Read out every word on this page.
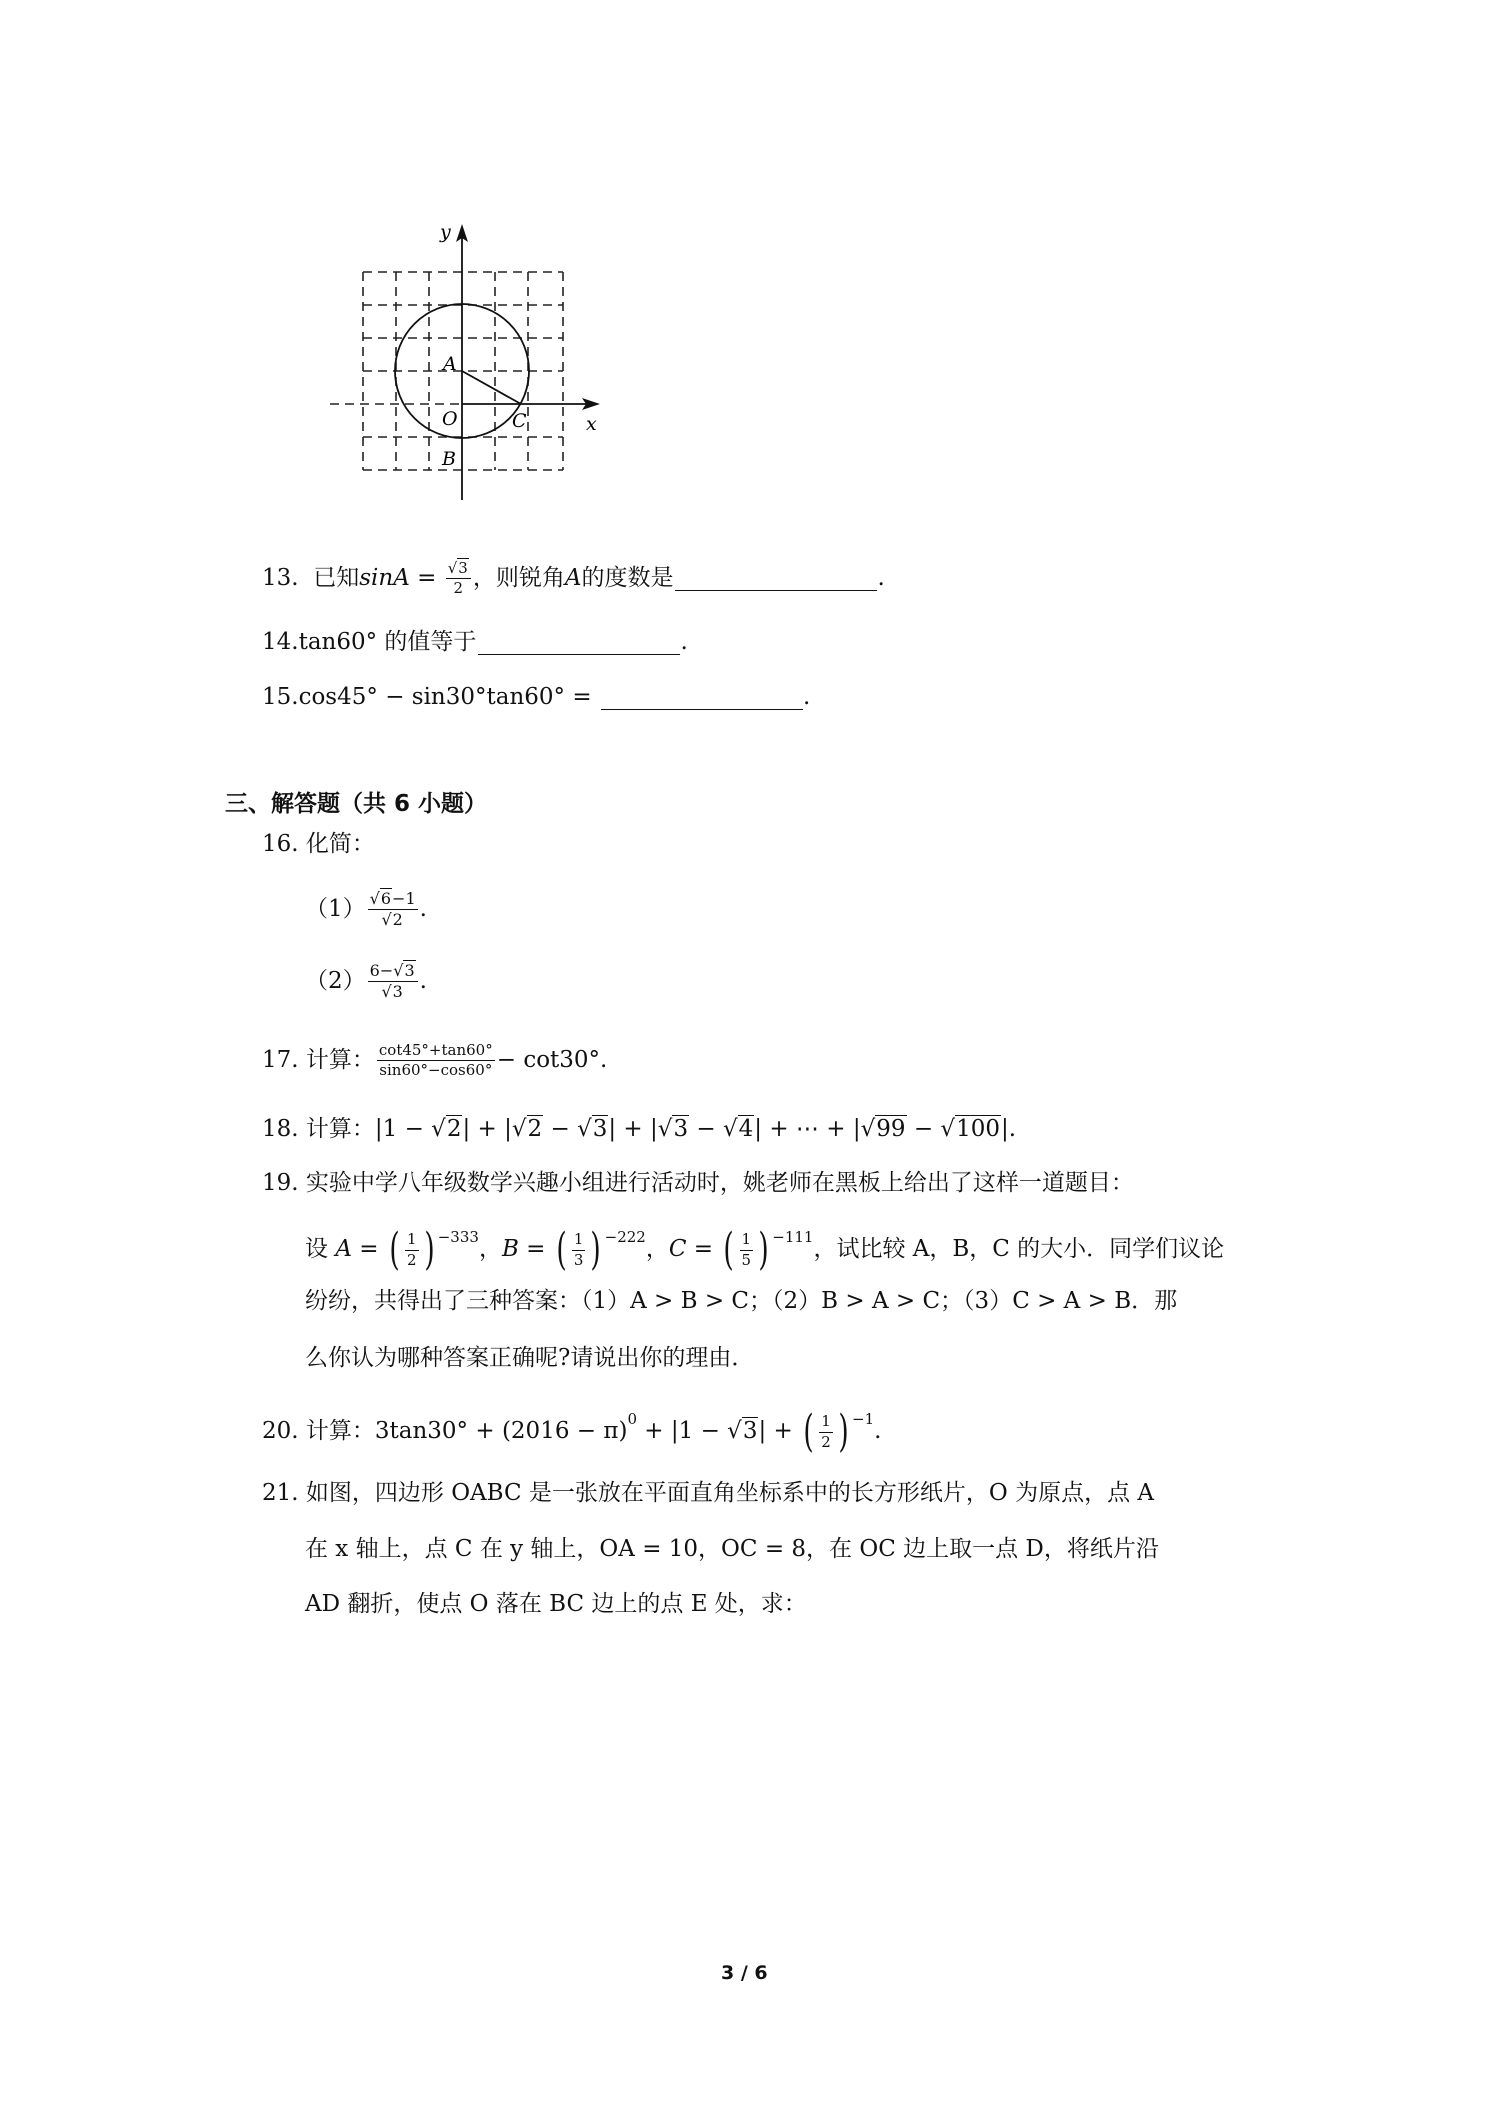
y
x
A
O	C
B
13. 已知$\sin A = \frac{√3}{2}$ ，则锐角A的度数是	.
14.tan60° 的值等于	.
15.cos45° − sin30°tan60° =	.
三、解答题（共 6 小题）
16. 化简：
$(1) \frac{√6-1}{√2}$ .
$(2) \frac{6-√3}{√3}$ .
17. 计算： $\frac{\cot 45^\circ+\tan 60^\circ}{\sin 60^\circ-\cos 60^\circ} - \cot 30^\circ$.
18. 计算：|1 − √2| + |√2 − √3| + |√3 − √4| + ⋯ + |√99 − √100|.
19. 实验中学八年级数学兴趣小组进行活动时，姚老师在黑板上给出了这样一道题目：
设 A = ( $\frac{1}{2}$ ) $^{-333}$，B = ( $\frac{1}{3}$ ) $^{-222}$，C = ( $\frac{1}{5}$ ) $^{-111}$，试比较 A，B，C 的大小．同学们议论
纷纷，共得出了三种答案：（1）A > B > C；（2）B > A > C；（3）C > A > B．那
么你认为哪种答案正确呢?请说出你的理由．
20. 计算：$3\tan 30^\circ + (2016 - \pi)^0 + |1 - √3|$ + ( $\frac{1}{2}$ ) $^{-1}$.
21. 如图，四边形 OABC 是一张放在平面直角坐标系中的长方形纸片，O 为原点，点 A
在 x 轴上，点 C 在 y 轴上，OA = 10，OC = 8，在 OC 边上取一点 D，将纸片沿
AD 翻折，使点 O 落在 BC 边上的点 E 处，求：
3 / 6
